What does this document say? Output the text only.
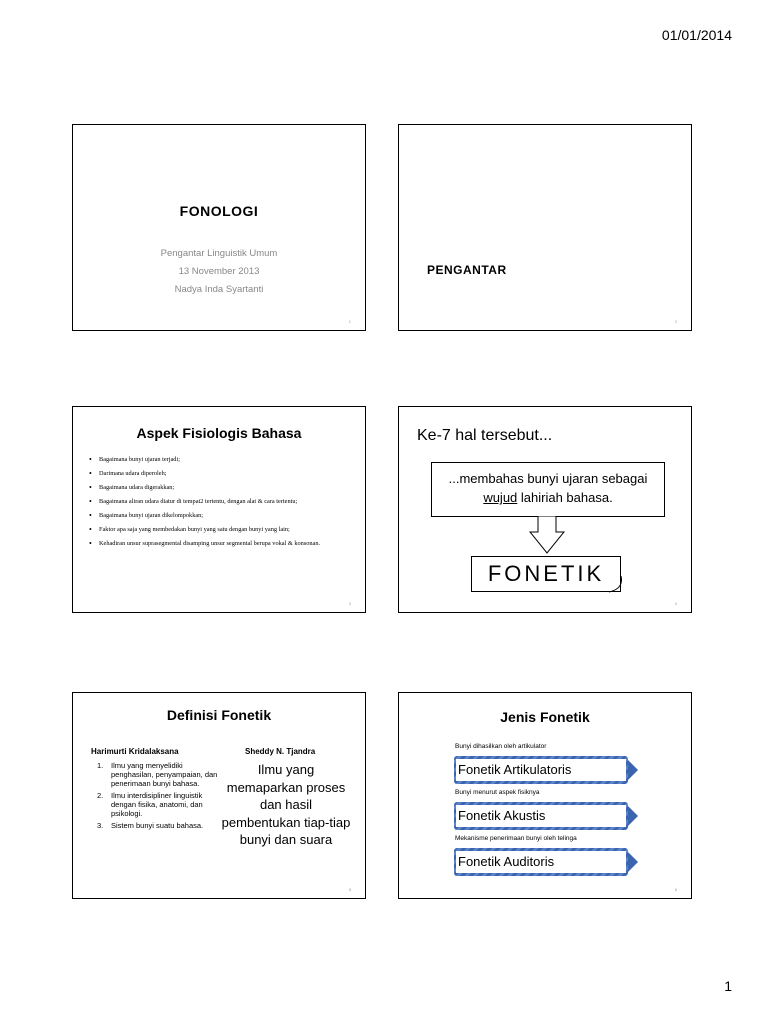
01/01/2014
FONOLOGI
Pengantar Linguistik Umum
13 November 2013
Nadya Inda Syartanti
1
PENGANTAR
2
Aspek Fisiologis Bahasa
• Bagaimana bunyi ujaran terjadi;
• Darimana udara diperoleh;
• Bagaimana udara digerakkan;
• Bagaimana aliran udara diatur di tempat2 tertentu, dengan alat & cara tertentu;
• Bagaimana bunyi ujaran dikelompokkan;
• Faktor apa saja yang membedakan bunyi yang satu dengan bunyi yang lain;
• Kehadiran unsur suprasegmental disamping unsur segmental berupa vokal & konsonan.
3
Ke-7 hal tersebut...
...membahas bunyi ujaran sebagai
wujud lahiriah bahasa.
FONETIK
4
Definisi Fonetik
Harimurti Kridalaksana	Sheddy N. Tjandra
1. Ilmu yang menyelidiki penghasilan, penyampaian, dan penerimaan bunyi bahasa.
2. Ilmu interdisipliner linguistik dengan fisika, anatomi, dan psikologi.
3. Sistem bunyi suatu bahasa.
Ilmu yang memaparkan proses dan hasil pembentukan tiap-tiap bunyi dan suara
5
Jenis Fonetik
Bunyi dihasilkan oleh artikulator
Fonetik Artikulatoris
Bunyi menurut aspek fisiknya
Fonetik Akustis
Mekanisme penerimaan bunyi oleh telinga
Fonetik Auditoris
6
1
